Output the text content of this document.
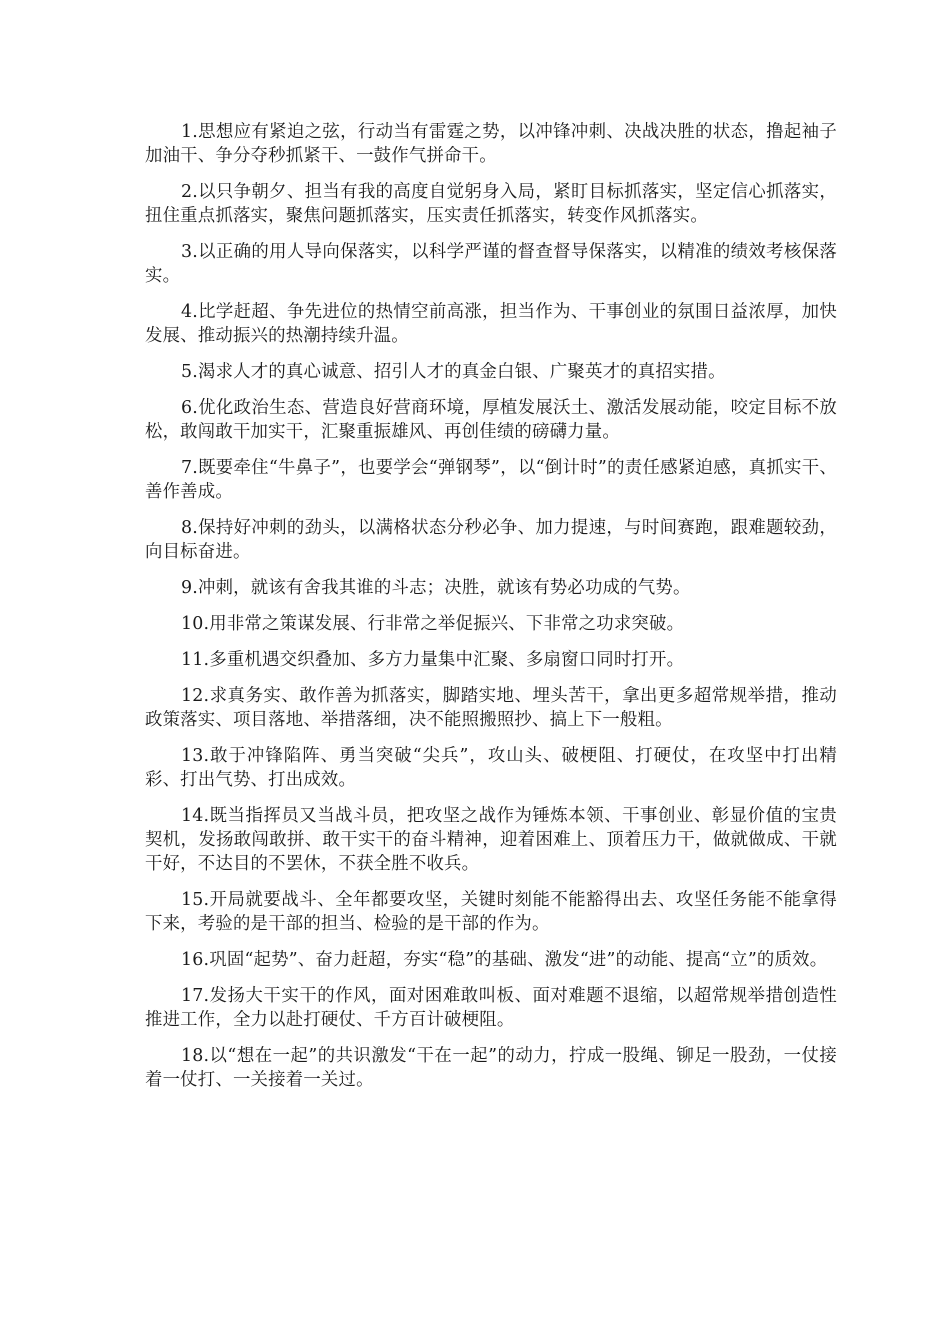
1.思想应有紧迫之弦，行动当有雷霆之势，以冲锋冲刺、决战决胜的状态，撸起袖子加油干、争分夺秒抓紧干、一鼓作气拼命干。

2.以只争朝夕、担当有我的高度自觉躬身入局，紧盯目标抓落实，坚定信心抓落实，扭住重点抓落实，聚焦问题抓落实，压实责任抓落实，转变作风抓落实。

3.以正确的用人导向保落实，以科学严谨的督查督导保落实，以精准的绩效考核保落实。

4.比学赶超、争先进位的热情空前高涨，担当作为、干事创业的氛围日益浓厚，加快发展、推动振兴的热潮持续升温。

5.渴求人才的真心诚意、招引人才的真金白银、广聚英才的真招实措。

6.优化政治生态、营造良好营商环境，厚植发展沃土、激活发展动能，咬定目标不放松，敢闯敢干加实干，汇聚重振雄风、再创佳绩的磅礴力量。

7.既要牵住“牛鼻子”，也要学会“弹钢琴”，以“倒计时”的责任感紧迫感，真抓实干、善作善成。

8.保持好冲刺的劲头，以满格状态分秒必争、加力提速，与时间赛跑，跟难题较劲，向目标奋进。

9.冲刺，就该有舍我其谁的斗志；决胜，就该有势必功成的气势。

10.用非常之策谋发展、行非常之举促振兴、下非常之功求突破。

11.多重机遇交织叠加、多方力量集中汇聚、多扇窗口同时打开。

12.求真务实、敢作善为抓落实，脚踏实地、埋头苦干，拿出更多超常规举措，推动政策落实、项目落地、举措落细，决不能照搬照抄、搞上下一般粗。

13.敢于冲锋陷阵、勇当突破“尖兵”，攻山头、破梗阻、打硬仗，在攻坚中打出精彩、打出气势、打出成效。

14.既当指挥员又当战斗员，把攻坚之战作为锤炼本领、干事创业、彰显价值的宝贵契机，发扬敢闯敢拼、敢干实干的奋斗精神，迎着困难上、顶着压力干，做就做成、干就干好，不达目的不罢休，不获全胜不收兵。

15.开局就要战斗、全年都要攻坚，关键时刻能不能豁得出去、攻坚任务能不能拿得下来，考验的是干部的担当、检验的是干部的作为。

16.巩固“起势”、奋力赶超，夯实“稳”的基础、激发“进”的动能、提高“立”的质效。

17.发扬大干实干的作风，面对困难敢叫板、面对难题不退缩，以超常规举措创造性推进工作，全力以赴打硬仗、千方百计破梗阻。

18.以“想在一起”的共识激发“干在一起”的动力，拧成一股绳、铆足一股劲，一仗接着一仗打、一关接着一关过。
